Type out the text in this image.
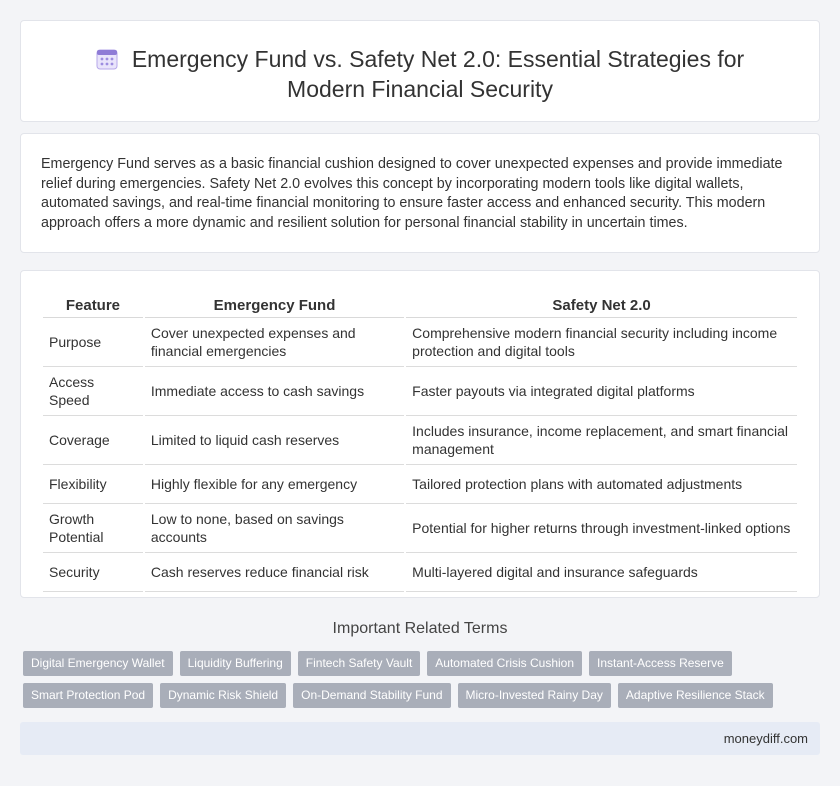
Emergency Fund vs. Safety Net 2.0: Essential Strategies for
Modern Financial Security
Emergency Fund serves as a basic financial cushion designed to cover unexpected expenses and provide immediate relief during emergencies. Safety Net 2.0 evolves this concept by incorporating modern tools like digital wallets, automated savings, and real-time financial monitoring to ensure faster access and enhanced security. This modern approach offers a more dynamic and resilient solution for personal financial stability in uncertain times.
Feature	Emergency Fund	Safety Net 2.0
Purpose	Cover unexpected expenses and financial emergencies	Comprehensive modern financial security including income protection and digital tools
Access Speed	Immediate access to cash savings	Faster payouts via integrated digital platforms
Coverage	Limited to liquid cash reserves	Includes insurance, income replacement, and smart financial management
Flexibility	Highly flexible for any emergency	Tailored protection plans with automated adjustments
Growth Potential	Low to none, based on savings accounts	Potential for higher returns through investment-linked options
Security	Cash reserves reduce financial risk	Multi-layered digital and insurance safeguards
Important Related Terms
Digital Emergency Wallet	Liquidity Buffering	Fintech Safety Vault	Automated Crisis Cushion	Instant-Access Reserve
Smart Protection Pod	Dynamic Risk Shield	On-Demand Stability Fund	Micro-Invested Rainy Day	Adaptive Resilience Stack
moneydiff.com
